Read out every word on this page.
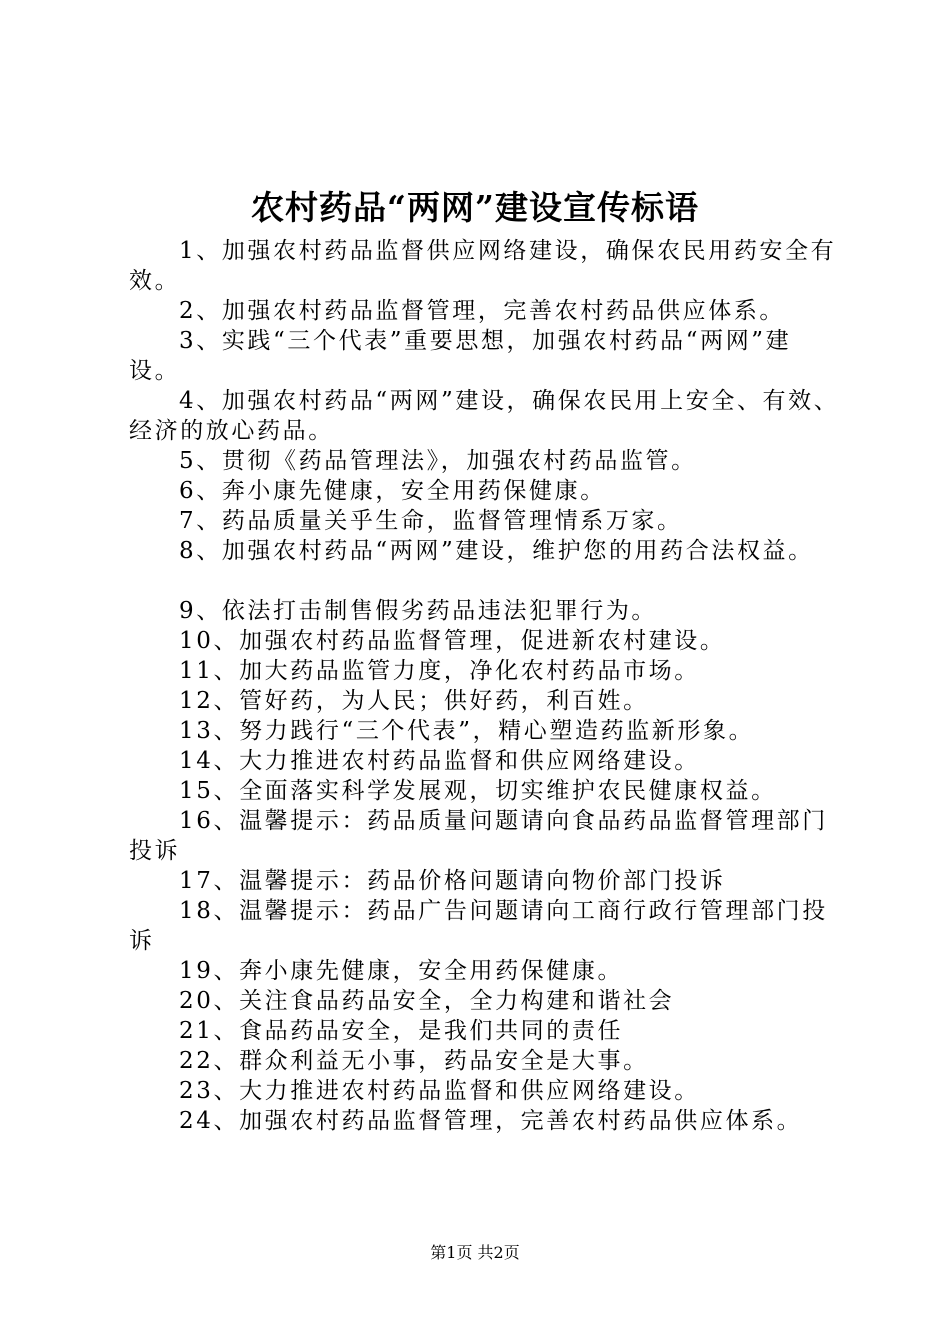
农村药品“两网”建设宣传标语

1、加强农村药品监督供应网络建设，确保农民用药安全有效。

2、加强农村药品监督管理，完善农村药品供应体系。

3、实践“三个代表”重要思想，加强农村药品“两网”建设。

4、加强农村药品“两网”建设，确保农民用上安全、有效、经济的放心药品。

5、贯彻《药品管理法》，加强农村药品监管。

6、奔小康先健康，安全用药保健康。

7、药品质量关乎生命，监督管理情系万家。

8、加强农村药品“两网”建设，维护您的用药合法权益。

9、依法打击制售假劣药品违法犯罪行为。

10、加强农村药品监督管理，促进新农村建设。

11、加大药品监管力度，净化农村药品市场。

12、管好药，为人民；供好药，利百姓。

13、努力践行“三个代表”，精心塑造药监新形象。

14、大力推进农村药品监督和供应网络建设。

15、全面落实科学发展观，切实维护农民健康权益。

16、温馨提示：药品质量问题请向食品药品监督管理部门投诉

17、温馨提示：药品价格问题请向物价部门投诉

18、温馨提示：药品广告问题请向工商行政行管理部门投诉

19、奔小康先健康，安全用药保健康。

20、关注食品药品安全，全力构建和谐社会

21、食品药品安全，是我们共同的责任

22、群众利益无小事，药品安全是大事。

23、大力推进农村药品监督和供应网络建设。

24、加强农村药品监督管理，完善农村药品供应体系。

第1页 共2页
